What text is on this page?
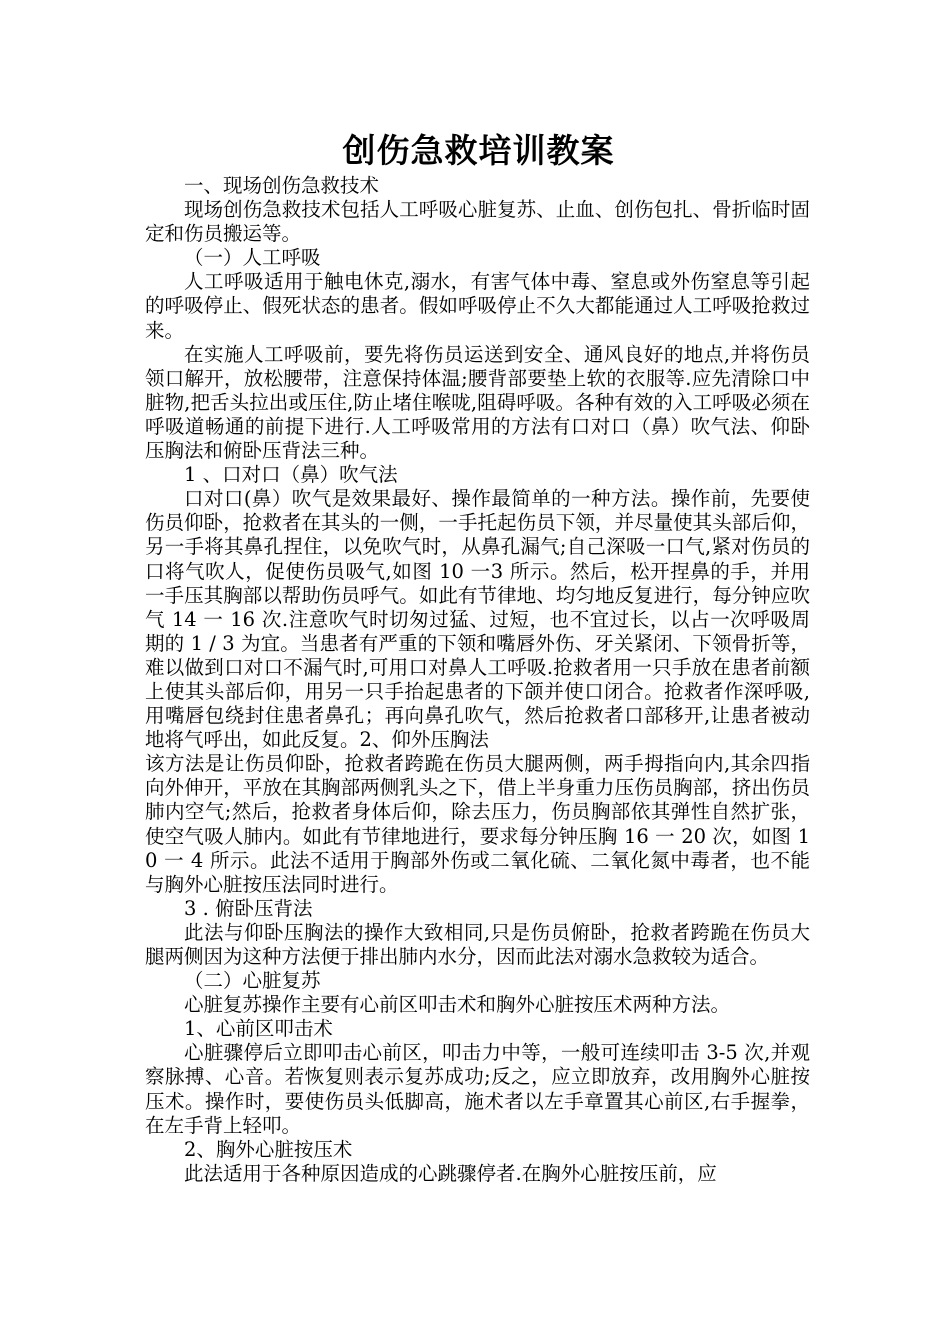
创伤急救培训教案

一、现场创伤急救技术

现场创伤急救技术包括人工呼吸心脏复苏、止血、创伤包扎、骨折临时固定和伤员搬运等。

（一）人工呼吸

人工呼吸适用于触电休克,溺水，有害气体中毒、窒息或外伤窒息等引起的呼吸停止、假死状态的患者。假如呼吸停止不久大都能通过人工呼吸抢救过来。

在实施人工呼吸前，要先将伤员运送到安全、通风良好的地点,并将伤员领口解开，放松腰带，注意保持体温;腰背部要垫上软的衣服等.应先清除口中脏物,把舌头拉出或压住,防止堵住喉咙,阻碍呼吸。各种有效的入工呼吸必须在呼吸道畅通的前提下进行.人工呼吸常用的方法有口对口（鼻）吹气法、仰卧压胸法和俯卧压背法三种。

1 、口对口（鼻）吹气法

口对口(鼻）吹气是效果最好、操作最简单的一种方法。操作前，先要使伤员仰卧，抢救者在其头的一侧，一手托起伤员下领，并尽量使其头部后仰，另一手将其鼻孔捏住，以免吹气时，从鼻孔漏气;自己深吸一口气,紧对伤员的口将气吹人，促使伤员吸气,如图 10 一3 所示。然后，松开捏鼻的手，并用一手压其胸部以帮助伤员呼气。如此有节律地、均匀地反复进行，每分钟应吹气 14 一 16 次.注意吹气时切匆过猛、过短，也不宜过长，以占一次呼吸周期的 1 / 3 为宜。当患者有严重的下领和嘴唇外伤、牙关紧闭、下领骨折等，难以做到口对口不漏气时,可用口对鼻人工呼吸.抢救者用一只手放在患者前额上使其头部后仰，用另一只手抬起患者的下颌并使口闭合。抢救者作深呼吸,用嘴唇包绕封住患者鼻孔；再向鼻孔吹气，然后抢救者口部移开,让患者被动地将气呼出，如此反复。2、仰外压胸法

该方法是让伤员仰卧，抢救者跨跪在伤员大腿两侧，两手拇指向内,其余四指向外伸开，平放在其胸部两侧乳头之下，借上半身重力压伤员胸部，挤出伤员肺内空气;然后，抢救者身体后仰，除去压力，伤员胸部依其弹性自然扩张，使空气吸人肺内。如此有节律地进行，要求每分钟压胸 16 一 20 次，如图 10 一 4 所示。此法不适用于胸部外伤或二氧化硫、二氧化氮中毒者，也不能与胸外心脏按压法同时进行。

3 . 俯卧压背法

此法与仰卧压胸法的操作大致相同,只是伤员俯卧，抢救者跨跪在伤员大腿两侧因为这种方法便于排出肺内水分，因而此法对溺水急救较为适合。

（二）心脏复苏

心脏复苏操作主要有心前区叩击术和胸外心脏按压术两种方法。

1、心前区叩击术

心脏骤停后立即叩击心前区，叩击力中等，一般可连续叩击 3-5 次,并观察脉搏、心音。若恢复则表示复苏成功;反之，应立即放弃，改用胸外心脏按压术。操作时，要使伤员头低脚高，施术者以左手章置其心前区,右手握拳，在左手背上轻叩。

2、胸外心脏按压术

此法适用于各种原因造成的心跳骤停者.在胸外心脏按压前，应
